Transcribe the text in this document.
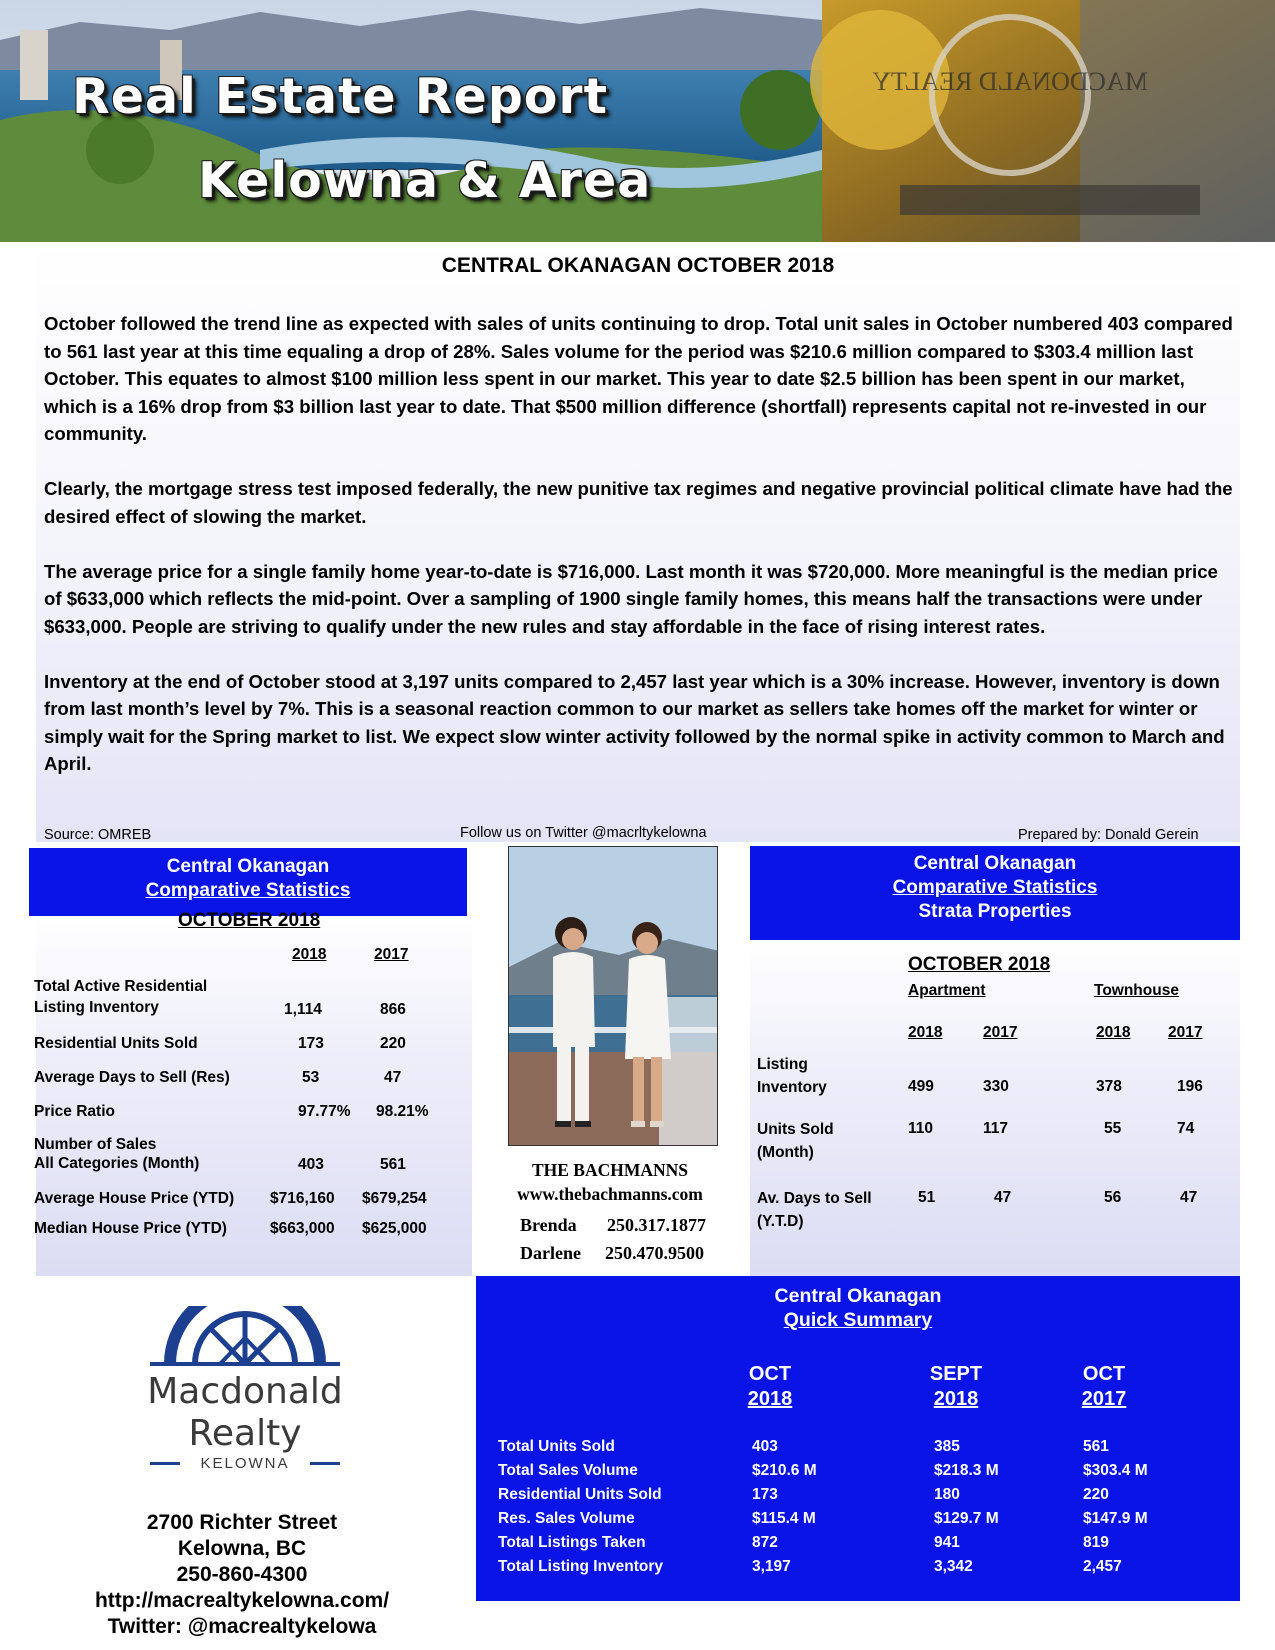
MACDONALD REALTY
Real Estate Report
Kelowna & Area
CENTRAL OKANAGAN OCTOBER 2018

October followed the trend line as expected with sales of units continuing to drop. Total unit sales in October numbered 403 compared to 561 last year at this time equaling a drop of 28%. Sales volume for the period was $210.6 million compared to $303.4 million last October. This equates to almost $100 million less spent in our market. This year to date $2.5 billion has been spent in our market, which is a 16% drop from $3 billion last year to date. That $500 million difference (shortfall) represents capital not re-invested in our community.

Clearly, the mortgage stress test imposed federally, the new punitive tax regimes and negative provincial political climate have had the desired effect of slowing the market.

The average price for a single family home year-to-date is $716,000. Last month it was $720,000. More meaningful is the median price of $633,000 which reflects the mid-point. Over a sampling of 1900 single family homes, this means half the transactions were under $633,000. People are striving to qualify under the new rules and stay affordable in the face of rising interest rates.

Inventory at the end of October stood at 3,197 units compared to 2,457 last year which is a 30% increase. However, inventory is down from last month’s level by 7%. This is a seasonal reaction common to our market as sellers take homes off the market for winter or simply wait for the Spring market to list. We expect slow winter activity followed by the normal spike in activity common to March and April.

Source: OMREB	Follow us on Twitter @macrltykelowna	Prepared by: Donald Gerein
Central Okanagan
Comparative Statistics
OCTOBER 2018
2018	2017
Total Active Residential
Listing Inventory	1,114	866
Residential Units Sold	173	220
Average Days to Sell (Res)	53	47
Price Ratio	97.77% 98.21%
Number of Sales
All Categories (Month)	403	561
Average House Price (YTD) $716,160 $679,254
Median House Price (YTD)	$663,000 $625,000
THE BACHMANNS
www.thebachmanns.com
Brenda 250.317.1877
Darlene 250.470.9500
Central Okanagan
Comparative Statistics
Strata Properties
OCTOBER 2018
Apartment	Townhouse
2018	2017	2018 2017
Listing
Inventory	499	330	378	196
Units Sold
(Month)
110	117	55	74
Av. Days to Sell
(Y.T.D)
51	47	56	47
Macdonald
Realty
KELOWNA
2700 Richter Street
Kelowna, BC
250-860-4300
http://macrealtykelowna.com/
Twitter: @macrealtykelowa
Central Okanagan
Quick Summary
OCT
2018
SEPT
2018
OCT
2017
Total Units Sold	403	385	561
Total Sales Volume	$210.6 M	$218.3 M	$303.4 M
Residential Units Sold	173	180	220
Res. Sales Volume	$115.4 M	$129.7 M	$147.9 M
Total Listings Taken	872	941	819
Total Listing Inventory	3,197	3,342	2,457
